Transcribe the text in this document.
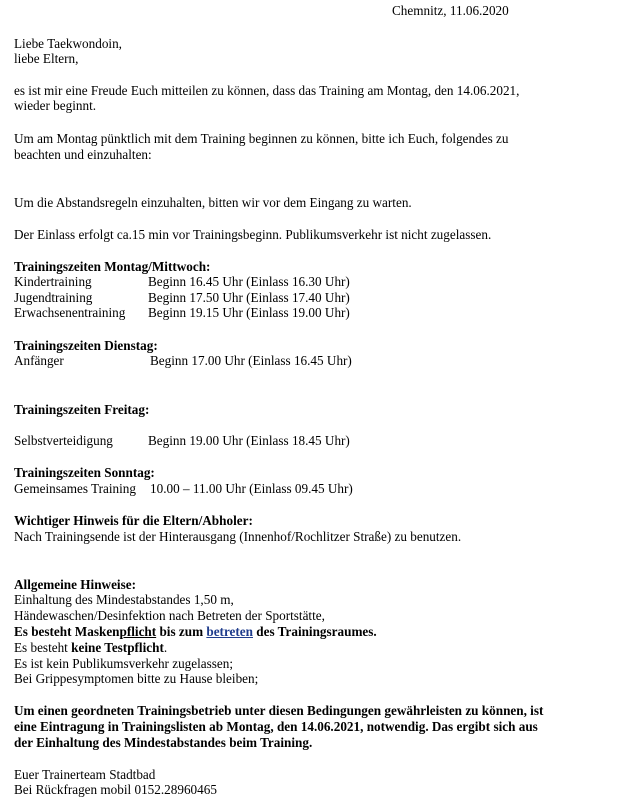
Chemnitz, 11.06.2020
Liebe Taekwondoin,
liebe Eltern,
es ist mir eine Freude Euch mitteilen zu können, dass das Training am Montag, den 14.06.2021,
wieder beginnt.
Um am Montag pünktlich mit dem Training beginnen zu können, bitte ich Euch, folgendes zu
beachten und einzuhalten:
Um die Abstandsregeln einzuhalten, bitten wir vor dem Eingang zu warten.
Der Einlass erfolgt ca.15 min vor Trainingsbeginn. Publikumsverkehr ist nicht zugelassen.
Trainingszeiten Montag/Mittwoch:
Kindertraining	Beginn 16.45 Uhr (Einlass 16.30 Uhr)
Jugendtraining	Beginn 17.50 Uhr (Einlass 17.40 Uhr)
Erwachsenentraining Beginn 19.15 Uhr (Einlass 19.00 Uhr)
Trainingszeiten Dienstag:
Anfänger	Beginn 17.00 Uhr (Einlass 16.45 Uhr)
Trainingszeiten Freitag:
Selbstverteidigung	Beginn 19.00 Uhr (Einlass 18.45 Uhr)
Trainingszeiten Sonntag:
Gemeinsames Training 10.00 – 11.00 Uhr (Einlass 09.45 Uhr)
Wichtiger Hinweis für die Eltern/Abholer:
Nach Trainingsende ist der Hinterausgang (Innenhof/Rochlitzer Straße) zu benutzen.
Allgemeine Hinweise:
Einhaltung des Mindestabstandes 1,50 m,
Händewaschen/Desinfektion nach Betreten der Sportstätte,
Es besteht Maskenpflicht bis zum betreten des Trainingsraumes.
Es besteht keine Testpflicht.
Es ist kein Publikumsverkehr zugelassen;
Bei Grippesymptomen bitte zu Hause bleiben;
Um einen geordneten Trainingsbetrieb unter diesen Bedingungen gewährleisten zu können, ist
eine Eintragung in Trainingslisten ab Montag, den 14.06.2021, notwendig. Das ergibt sich aus
der Einhaltung des Mindestabstandes beim Training.
Euer Trainerteam Stadtbad
Bei Rückfragen mobil 0152.28960465
